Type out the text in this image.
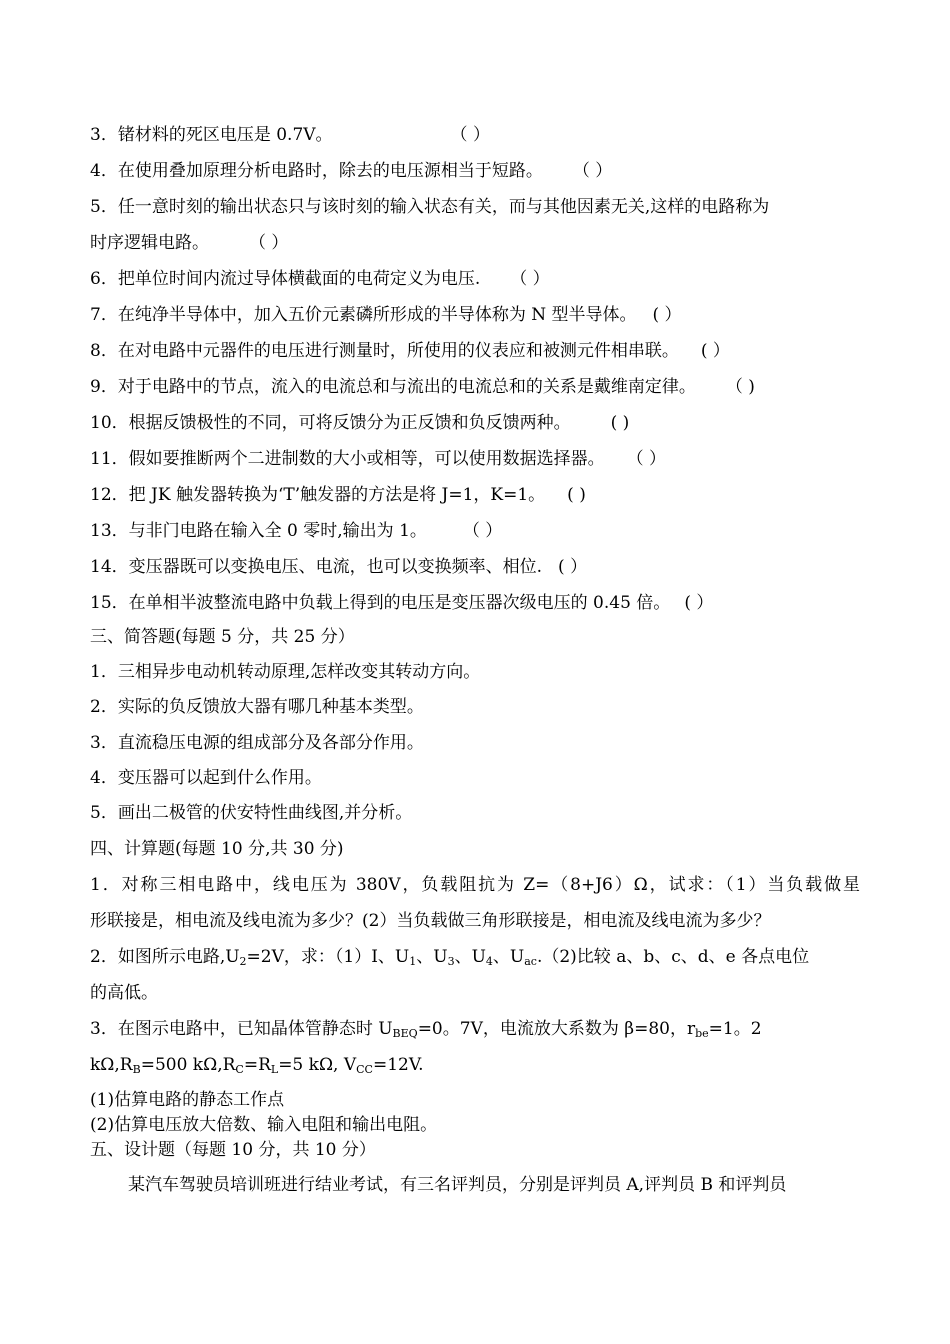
3．锗材料的死区电压是 0.7V。	（ ）
4．在使用叠加原理分析电路时，除去的电压源相当于短路。 （ ）
5．任一意时刻的输出状态只与该时刻的输入状态有关，而与其他因素无关,这样的电路称为
时序逻辑电路。 （ ）
6．把单位时间内流过导体横截面的电荷定义为电压. （ ）
7．在纯净半导体中，加入五价元素磷所形成的半导体称为 N 型半导体。 ( ）
8．在对电路中元器件的电压进行测量时，所使用的仪表应和被测元件相串联。 ( ）
9．对于电路中的节点，流入的电流总和与流出的电流总和的关系是戴维南定律。 （ )
10．根据反馈极性的不同，可将反馈分为正反馈和负反馈两种。 ( )
11．假如要推断两个二进制数的大小或相等，可以使用数据选择器。 （ ）
12．把 JK 触发器转换为‘T’触发器的方法是将 J=1，K=1。 ( )
13．与非门电路在输入全 0 零时,输出为 1。 （ ）
14．变压器既可以变换电压、电流，也可以变换频率、相位. ( ）
15．在单相半波整流电路中负载上得到的电压是变压器次级电压的 0.45 倍。 ( ）
三、简答题(每题 5 分，共 25 分）
1．三相异步电动机转动原理,怎样改变其转动方向。
2．实际的负反馈放大器有哪几种基本类型。
3．直流稳压电源的组成部分及各部分作用。
4．变压器可以起到什么作用。
5．画出二极管的伏安特性曲线图,并分析。
四、计算题(每题 10 分,共 30 分)
1．对称三相电路中，线电压为 380V，负载阻抗为 Z=（8+J6）Ω，试求：（1）当负载做星
形联接是，相电流及线电流为多少？(2）当负载做三角形联接是，相电流及线电流为多少？
2．如图所示电路$,U_2=2V$，求：（1）I、$U_1$、$U_3$、$U_4$、$U_{ac}.(2)$比较 a、b、c、d、e 各点电位
的高低。
3．在图示电路中，已知晶体管静态时 $U_{BEQ}=0$。7V，电流放大系数为 β=80，$r_{be}=1$。2
$k\Omega,R_B=500$ $k\Omega,R_C=R_L=5$ kΩ, $V_{CC}=12V$.
(1)估算电路的静态工作点
(2)估算电压放大倍数、输入电阻和输出电阻。
五、设计题（每题 10 分，共 10 分）
某汽车驾驶员培训班进行结业考试，有三名评判员，分别是评判员 A,评判员 B 和评判员
